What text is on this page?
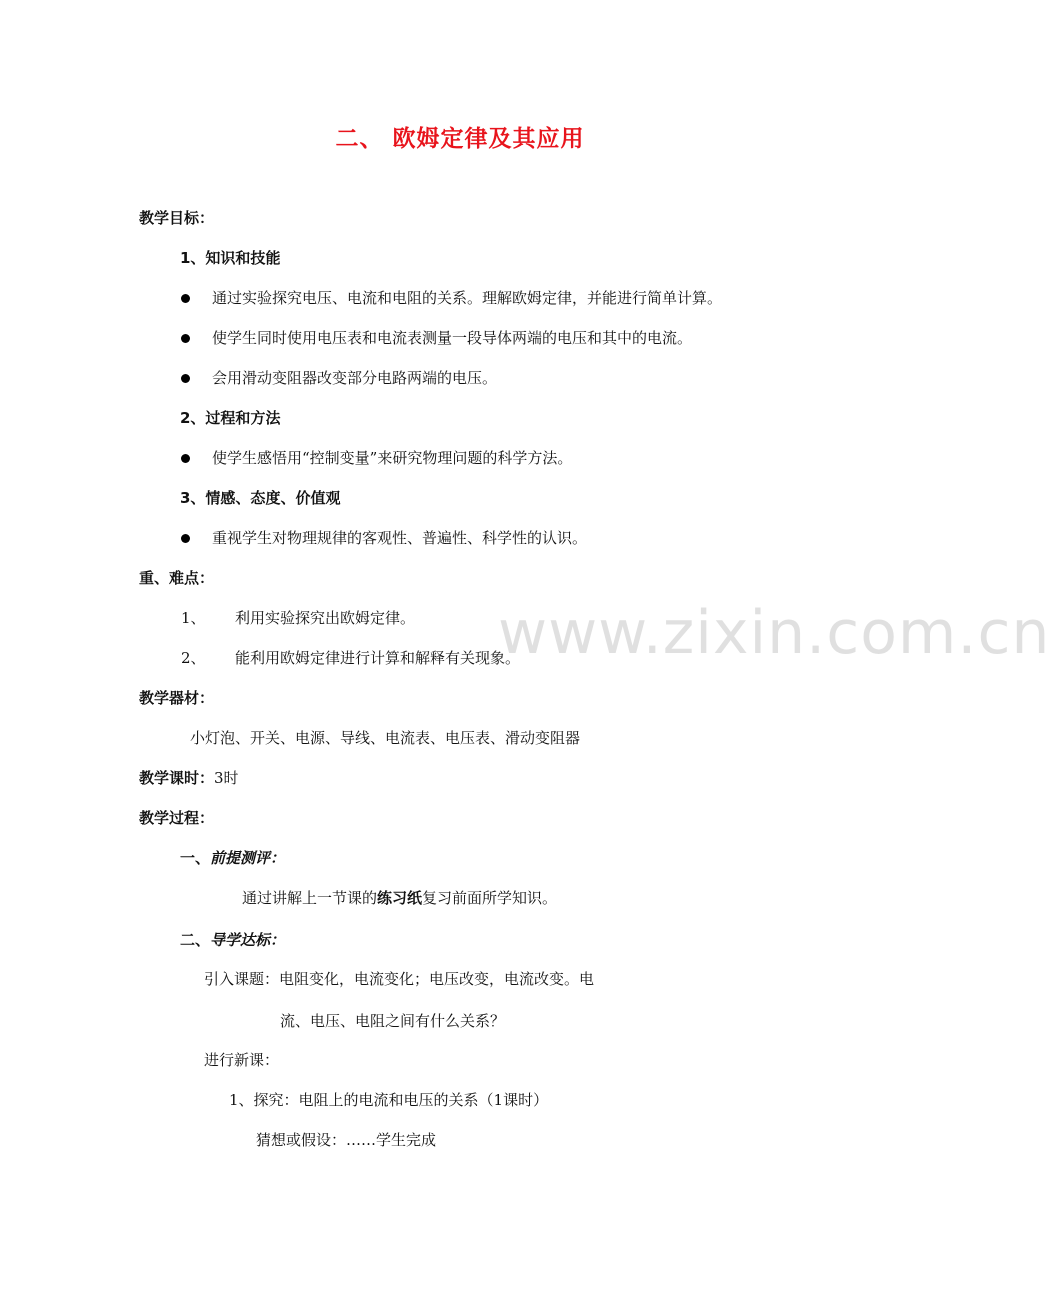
二、 欧姆定律及其应用
教学目标：
1、知识和技能
通过实验探究电压、电流和电阻的关系。理解欧姆定律，并能进行简单计算。
使学生同时使用电压表和电流表测量一段导体两端的电压和其中的电流。
会用滑动变阻器改变部分电路两端的电压。
2、过程和方法
使学生感悟用“控制变量”来研究物理问题的科学方法。
3、情感、态度、价值观
重视学生对物理规律的客观性、普遍性、科学性的认识。
重、难点：
1、 利用实验探究出欧姆定律。
2、 能利用欧姆定律进行计算和解释有关现象。
教学器材：
小灯泡、开关、电源、导线、电流表、电压表、滑动变阻器
教学课时：3时
教学过程：
一、前提测评：
通过讲解上一节课的练习纸复习前面所学知识。
二、导学达标：
引入课题：电阻变化，电流变化；电压改变，电流改变。电
流、电压、电阻之间有什么关系？
进行新课：
1、探究：电阻上的电流和电压的关系（1课时）
猜想或假设：……学生完成
www.zixin.com.cn
